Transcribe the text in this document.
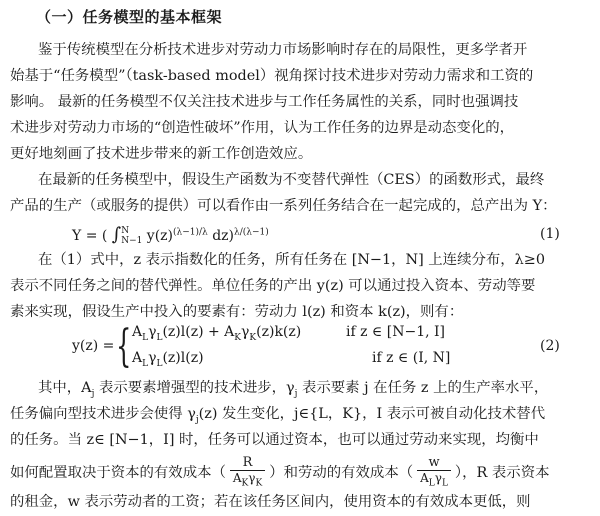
（一）任务模型的基本框架
鉴于传统模型在分析技术进步对劳动力市场影响时存在的局限性，更多学者开
始基于“任务模型”（task-based model）视角探讨技术进步对劳动力需求和工资的
影响。 最新的任务模型不仅关注技术进步与工作任务属性的关系，同时也强调技
术进步对劳动力市场的“创造性破坏”作用，认为工作任务的边界是动态变化的，
更好地刻画了技术进步带来的新工作创造效应。
在最新的任务模型中，假设生产函数为不变替代弹性（CES）的函数形式，最终
产品的生产（或服务的提供）可以看作由一系列任务结合在一起完成的，总产出为 Y：
Y = ( ∫ N
N−1 $y(z)^{(\lambda-1)/\lambda}$ dz)$^{\lambda/(\lambda-1)}$	(1)
在（1）式中，z 表示指数化的任务，所有任务在 [N−1，N] 上连续分布，λ≥0
表示不同任务之间的替代弹性。单位任务的产出 y(z) 可以通过投入资本、劳动等要
素来实现，假设生产中投入的要素有：劳动力 l(z) 和资本 k(z)，则有：
y(z) = { $A_L\gamma_L(z)l(z) + A_K\gamma_K(z)k(z)$	if z ∈ [N−1, I]
$A_L\gamma_L(z)l(z)$	if z ∈ (I, N]
(2)
其中，$A_j$ 表示要素增强型的技术进步，$\gamma_j$ 表示要素 j 在任务 z 上的生产率水平，
任务偏向型技术进步会使得 $\gamma_j(z)$ 发生变化，j∈{L，K}，I 表示可被自动化技术替代
的任务。当 z∈ [N−1，I] 时，任务可以通过资本，也可以通过劳动来实现，均衡中
如何配置取决于资本的有效成本（ $\frac{R}{A_K\gamma_K}$ ）和劳动的有效成本（ $\frac{w}{A_L\gamma_L}$ ），R 表示资本
的租金，w 表示劳动者的工资；若在该任务区间内，使用资本的有效成本更低，则
